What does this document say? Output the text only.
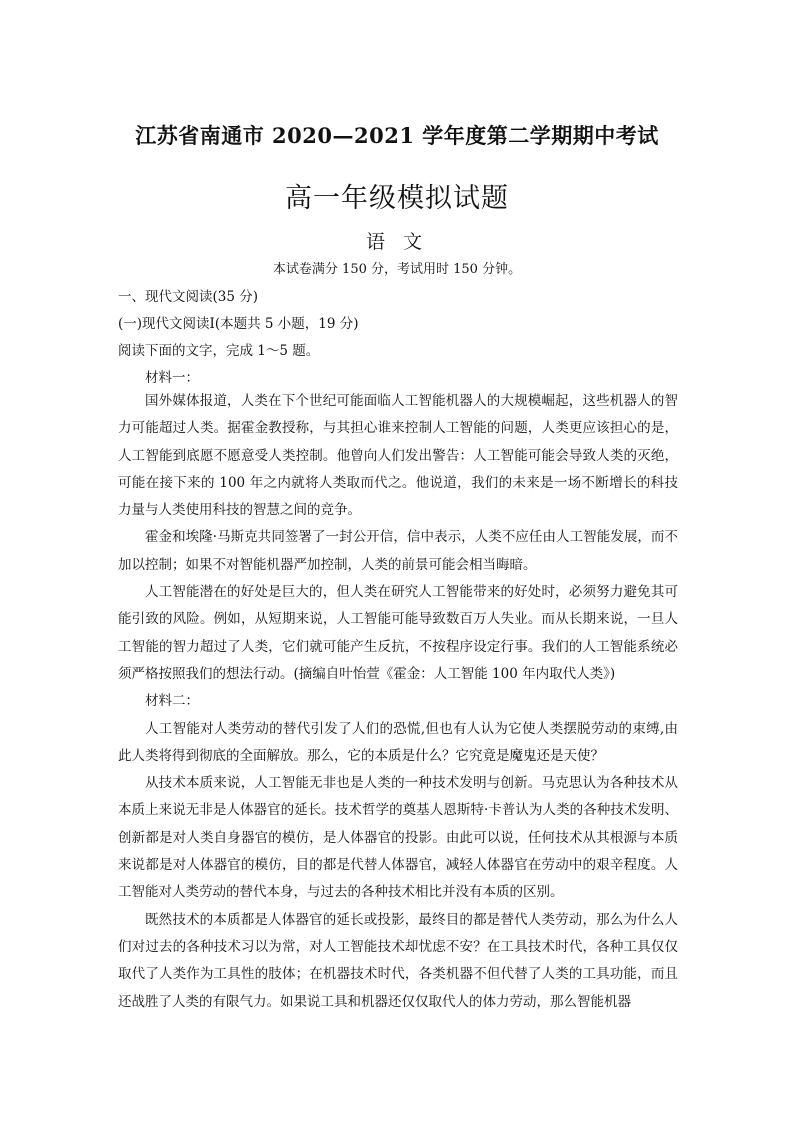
江苏省南通市 2020—2021 学年度第二学期期中考试
高一年级模拟试题
语 文
本试卷满分 150 分，考试用时 150 分钟。
一、现代文阅读(35 分)
(一)现代文阅读Ⅰ(本题共 5 小题，19 分)
阅读下面的文字，完成 1～5 题。
材料一：

国外媒体报道，人类在下个世纪可能面临人工智能机器人的大规模崛起，这些机器人的智力可能超过人类。据霍金教授称，与其担心谁来控制人工智能的问题，人类更应该担心的是，人工智能到底愿不愿意受人类控制。他曾向人们发出警告：人工智能可能会导致人类的灭绝，可能在接下来的 100 年之内就将人类取而代之。他说道，我们的未来是一场不断增长的科技力量与人类使用科技的智慧之间的竞争。

霍金和埃隆·马斯克共同签署了一封公开信，信中表示，人类不应任由人工智能发展，而不加以控制；如果不对智能机器严加控制，人类的前景可能会相当晦暗。

人工智能潜在的好处是巨大的，但人类在研究人工智能带来的好处时，必须努力避免其可能引致的风险。例如，从短期来说，人工智能可能导致数百万人失业。而从长期来说，一旦人工智能的智力超过了人类，它们就可能产生反抗，不按程序设定行事。我们的人工智能系统必须严格按照我们的想法行动。(摘编自叶怡萱《霍金：人工智能 100 年内取代人类》)

材料二：

人工智能对人类劳动的替代引发了人们的恐慌,但也有人认为它使人类摆脱劳动的束缚,由此人类将得到彻底的全面解放。那么，它的本质是什么？它究竟是魔鬼还是天使？

从技术本质来说，人工智能无非也是人类的一种技术发明与创新。马克思认为各种技术从本质上来说无非是人体器官的延长。技术哲学的奠基人恩斯特·卡普认为人类的各种技术发明、创新都是对人类自身器官的模仿，是人体器官的投影。由此可以说，任何技术从其根源与本质来说都是对人体器官的模仿，目的都是代替人体器官，减轻人体器官在劳动中的艰辛程度。人工智能对人类劳动的替代本身，与过去的各种技术相比并没有本质的区别。

既然技术的本质都是人体器官的延长或投影，最终目的都是替代人类劳动，那么为什么人们对过去的各种技术习以为常，对人工智能技术却忧虑不安？在工具技术时代，各种工具仅仅取代了人类作为工具性的肢体；在机器技术时代，各类机器不但代替了人类的工具功能，而且还战胜了人类的有限气力。如果说工具和机器还仅仅取代人的体力劳动，那么智能机器
